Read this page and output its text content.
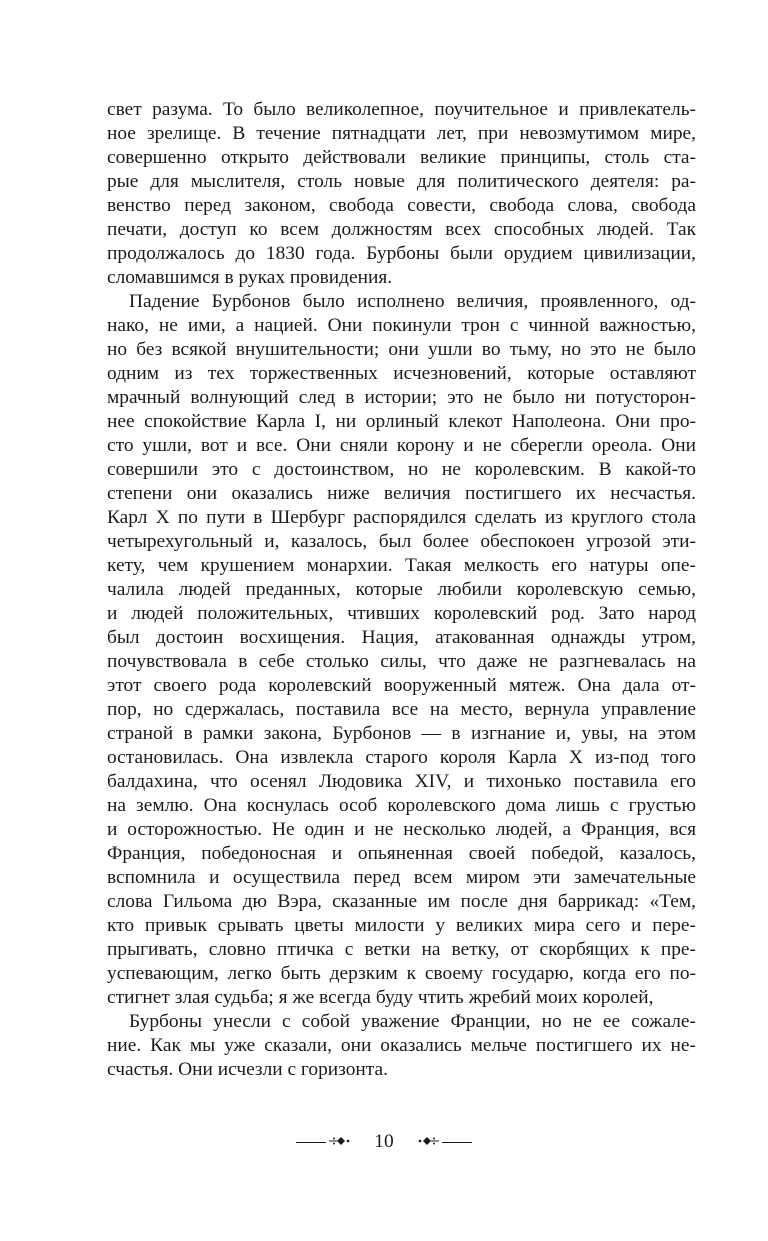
свет разума. То было великолепное, поучительное и привлекатель-
ное зрелище. В течение пятнадцати лет, при невозмутимом мире,
совершенно открыто действовали великие принципы, столь ста-
рые для мыслителя, столь новые для политического деятеля: ра-
венство перед законом, свобода совести, свобода слова, свобода
печати, доступ ко всем должностям всех способных людей. Так
продолжалось до 1830 года. Бурбоны были орудием цивилизации,
сломавшимся в руках провидения.
Падение Бурбонов было исполнено величия, проявленного, од-
нако, не ими, а нацией. Они покинули трон с чинной важностью,
но без всякой внушительности; они ушли во тьму, но это не было
одним из тех торжественных исчезновений, которые оставляют
мрачный волнующий след в истории; это не было ни потусторон-
нее спокойствие Карла I, ни орлиный клекот Наполеона. Они про-
сто ушли, вот и все. Они сняли корону и не сберегли ореола. Они
совершили это с достоинством, но не королевским. В какой-то
степени они оказались ниже величия постигшего их несчастья.
Карл X по пути в Шербург распорядился сделать из круглого стола
четырехугольный и, казалось, был более обеспокоен угрозой эти-
кету, чем крушением монархии. Такая мелкость его натуры опе-
чалила людей преданных, которые любили королевскую семью,
и людей положительных, чтивших королевский род. Зато народ
был достоин восхищения. Нация, атакованная однажды утром,
почувствовала в себе столько силы, что даже не разгневалась на
этот своего рода королевский вооруженный мятеж. Она дала от-
пор, но сдержалась, поставила все на место, вернула управление
страной в рамки закона, Бурбонов — в изгнание и, увы, на этом
остановилась. Она извлекла старого короля Карла X из-под того
балдахина, что осенял Людовика XIV, и тихонько поставила его
на землю. Она коснулась особ королевского дома лишь с грустью
и осторожностью. Не один и не несколько людей, а Франция, вся
Франция, победоносная и опьяненная своей победой, казалось,
вспомнила и осуществила перед всем миром эти замечательные
слова Гильома дю Вэра, сказанные им после дня баррикад: «Тем,
кто привык срывать цветы милости у великих мира сего и пере-
прыгивать, словно птичка с ветки на ветку, от скорбящих к пре-
успевающим, легко быть дерзким к своему государю, когда его по-
стигнет злая судьба; я же всегда буду чтить жребий моих королей,
Бурбоны унесли с собой уважение Франции, но не ее сожале-
ние. Как мы уже сказали, они оказались мельче постигшего их не-
счастья. Они исчезли с горизонта.
10
